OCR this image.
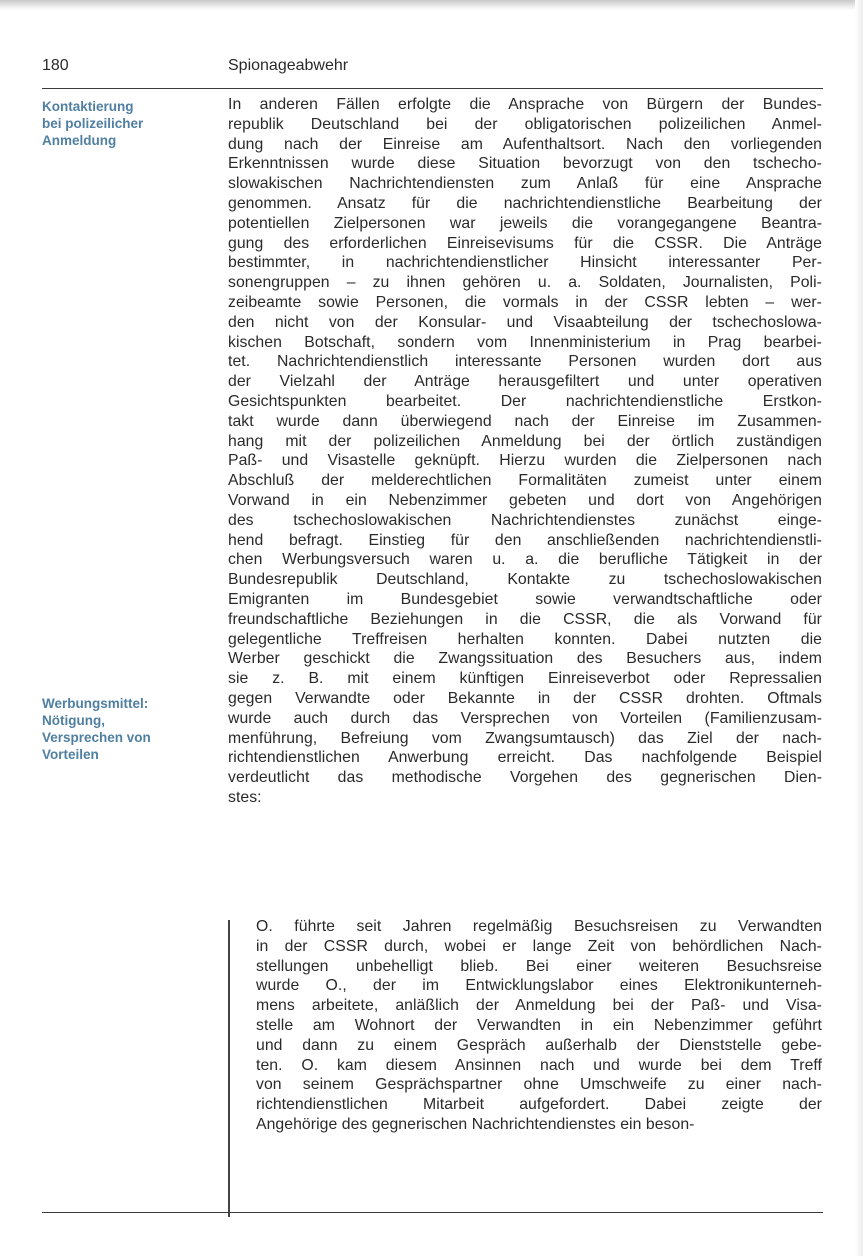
180	Spionageabwehr
Kontaktierung
bei polizeilicher
Anmeldung
Werbungsmittel:
Nötigung,
Versprechen von
Vorteilen
In anderen Fällen erfolgte die Ansprache von Bürgern der Bundes-
republik Deutschland bei der obligatorischen polizeilichen Anmel-
dung nach der Einreise am Aufenthaltsort. Nach den vorliegenden
Erkenntnissen wurde diese Situation bevorzugt von den tschecho-
slowakischen Nachrichtendiensten zum Anlaß für eine Ansprache
genommen. Ansatz für die nachrichtendienstliche Bearbeitung der
potentiellen Zielpersonen war jeweils die vorangegangene Beantra-
gung des erforderlichen Einreisevisums für die CSSR. Die Anträge
bestimmter, in nachrichtendienstlicher Hinsicht interessanter Per-
sonengruppen – zu ihnen gehören u. a. Soldaten, Journalisten, Poli-
zeibeamte sowie Personen, die vormals in der CSSR lebten – wer-
den nicht von der Konsular- und Visaabteilung der tschechoslowa-
kischen Botschaft, sondern vom Innenministerium in Prag bearbei-
tet. Nachrichtendienstlich interessante Personen wurden dort aus
der Vielzahl der Anträge herausgefiltert und unter operativen
Gesichtspunkten bearbeitet. Der nachrichtendienstliche Erstkon-
takt wurde dann überwiegend nach der Einreise im Zusammen-
hang mit der polizeilichen Anmeldung bei der örtlich zuständigen
Paß- und Visastelle geknüpft. Hierzu wurden die Zielpersonen nach
Abschluß der melderechtlichen Formalitäten zumeist unter einem
Vorwand in ein Nebenzimmer gebeten und dort von Angehörigen
des tschechoslowakischen Nachrichtendienstes zunächst einge-
hend befragt. Einstieg für den anschließenden nachrichtendienstli-
chen Werbungsversuch waren u. a. die berufliche Tätigkeit in der
Bundesrepublik Deutschland, Kontakte zu tschechoslowakischen
Emigranten im Bundesgebiet sowie verwandtschaftliche oder
freundschaftliche Beziehungen in die CSSR, die als Vorwand für
gelegentliche Treffreisen herhalten konnten. Dabei nutzten die
Werber geschickt die Zwangssituation des Besuchers aus, indem
sie z. B. mit einem künftigen Einreiseverbot oder Repressalien
gegen Verwandte oder Bekannte in der CSSR drohten. Oftmals
wurde auch durch das Versprechen von Vorteilen (Familienzusam-
menführung, Befreiung vom Zwangsumtausch) das Ziel der nach-
richtendienstlichen Anwerbung erreicht. Das nachfolgende Beispiel
verdeutlicht das methodische Vorgehen des gegnerischen Dien-
stes:
O. führte seit Jahren regelmäßig Besuchsreisen zu Verwandten
in der CSSR durch, wobei er lange Zeit von behördlichen Nach-
stellungen unbehelligt blieb. Bei einer weiteren Besuchsreise
wurde O., der im Entwicklungslabor eines Elektronikunterneh-
mens arbeitete, anläßlich der Anmeldung bei der Paß- und Visa-
stelle am Wohnort der Verwandten in ein Nebenzimmer geführt
und dann zu einem Gespräch außerhalb der Dienststelle gebe-
ten. O. kam diesem Ansinnen nach und wurde bei dem Treff
von seinem Gesprächspartner ohne Umschweife zu einer nach-
richtendienstlichen Mitarbeit aufgefordert. Dabei zeigte der
Angehörige des gegnerischen Nachrichtendienstes ein beson-
